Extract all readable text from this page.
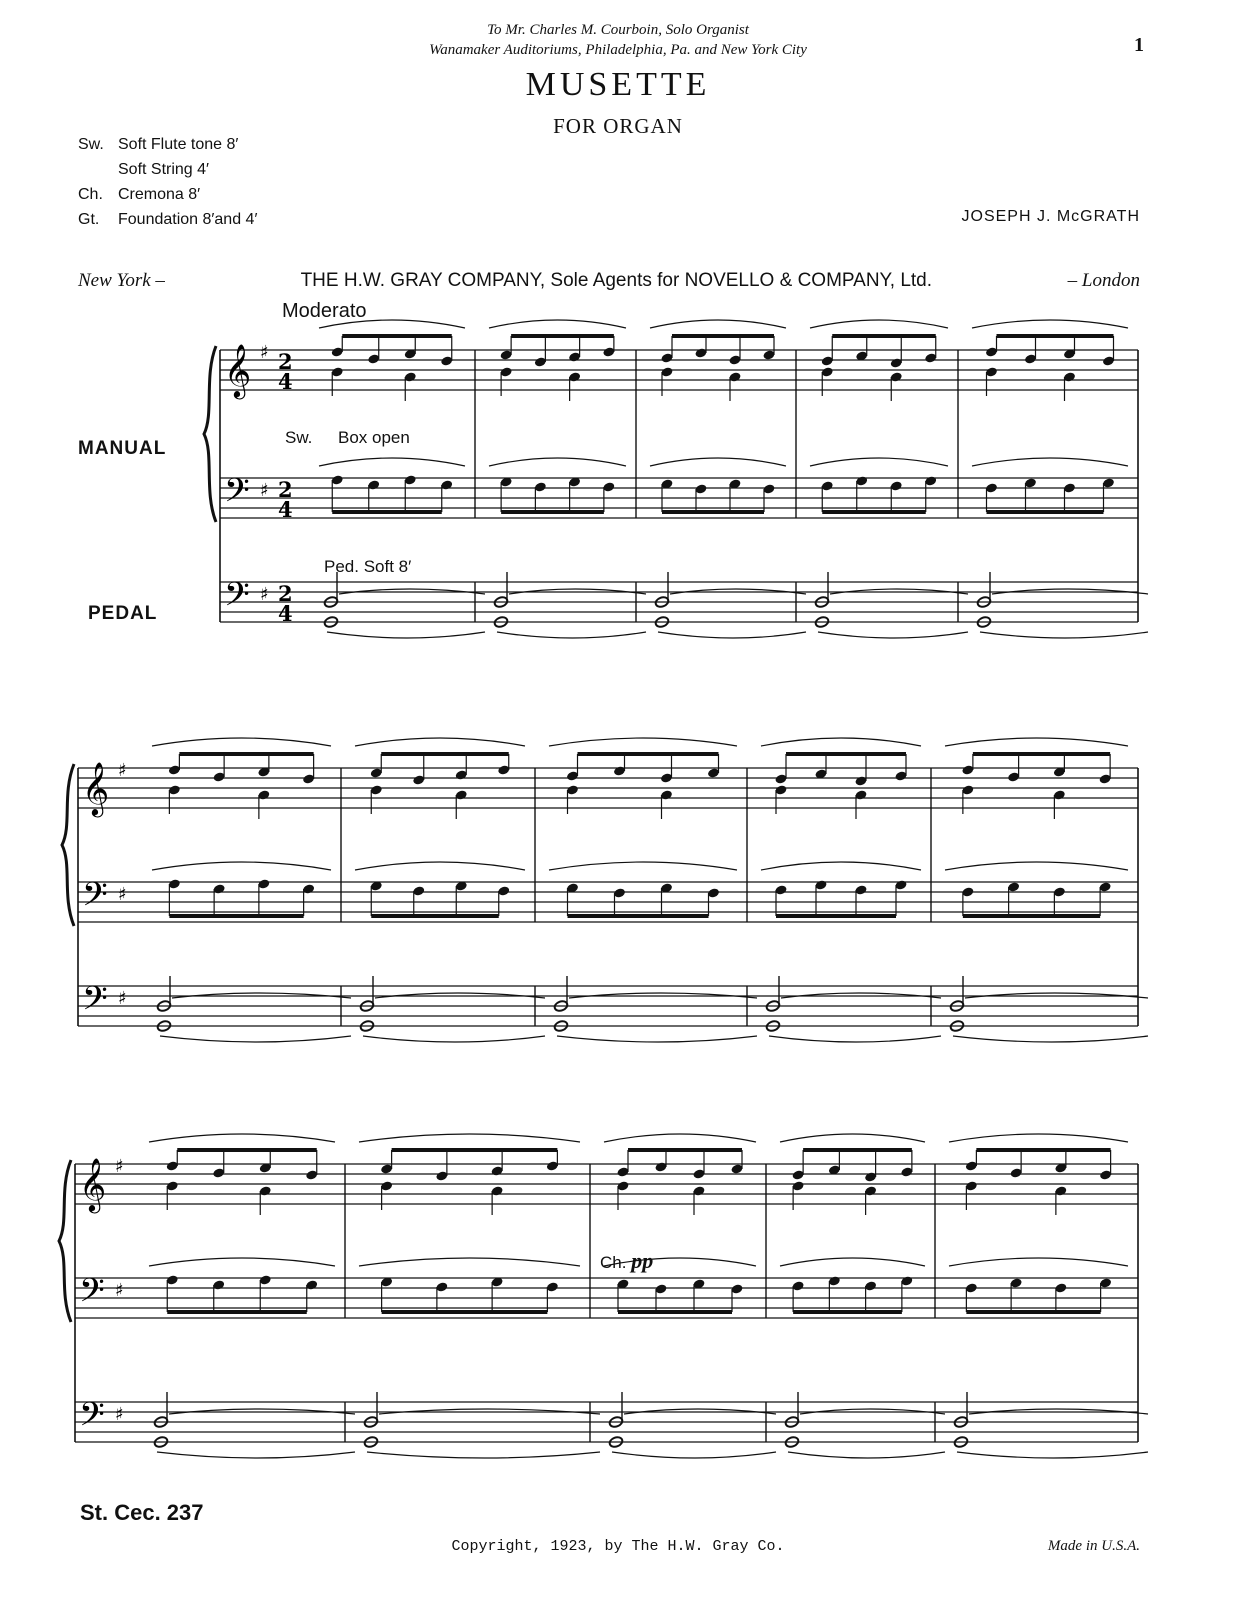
To Mr. Charles M. Courboin, Solo Organist
Wanamaker Auditoriums, Philadelphia, Pa. and New York City	1
MUSETTE
FOR ORGAN
Sw. Soft Flute tone 8′
Soft String 4′
Ch. Cremona 8′
Gt. Foundation 8′and 4′	JOSEPH J. McGRATH
New York –	THE H.W. GRAY COMPANY, Sole Agents for NOVELLO & COMPANY, Ltd.	– London
Moderato
MANUAL
PEDAL
Sw. Box open
Ped. Soft 8′
Ch. pp
𝄞
𝄢
𝄢
♯
♯
♯
2
4
2
4
2
4
𝄞
𝄢
𝄢
♯
♯
♯
𝄞
𝄢
𝄢
♯
♯
♯
St. Cec. 237
Copyright, 1923, by The H.W. Gray Co.	Made in U.S.A.
